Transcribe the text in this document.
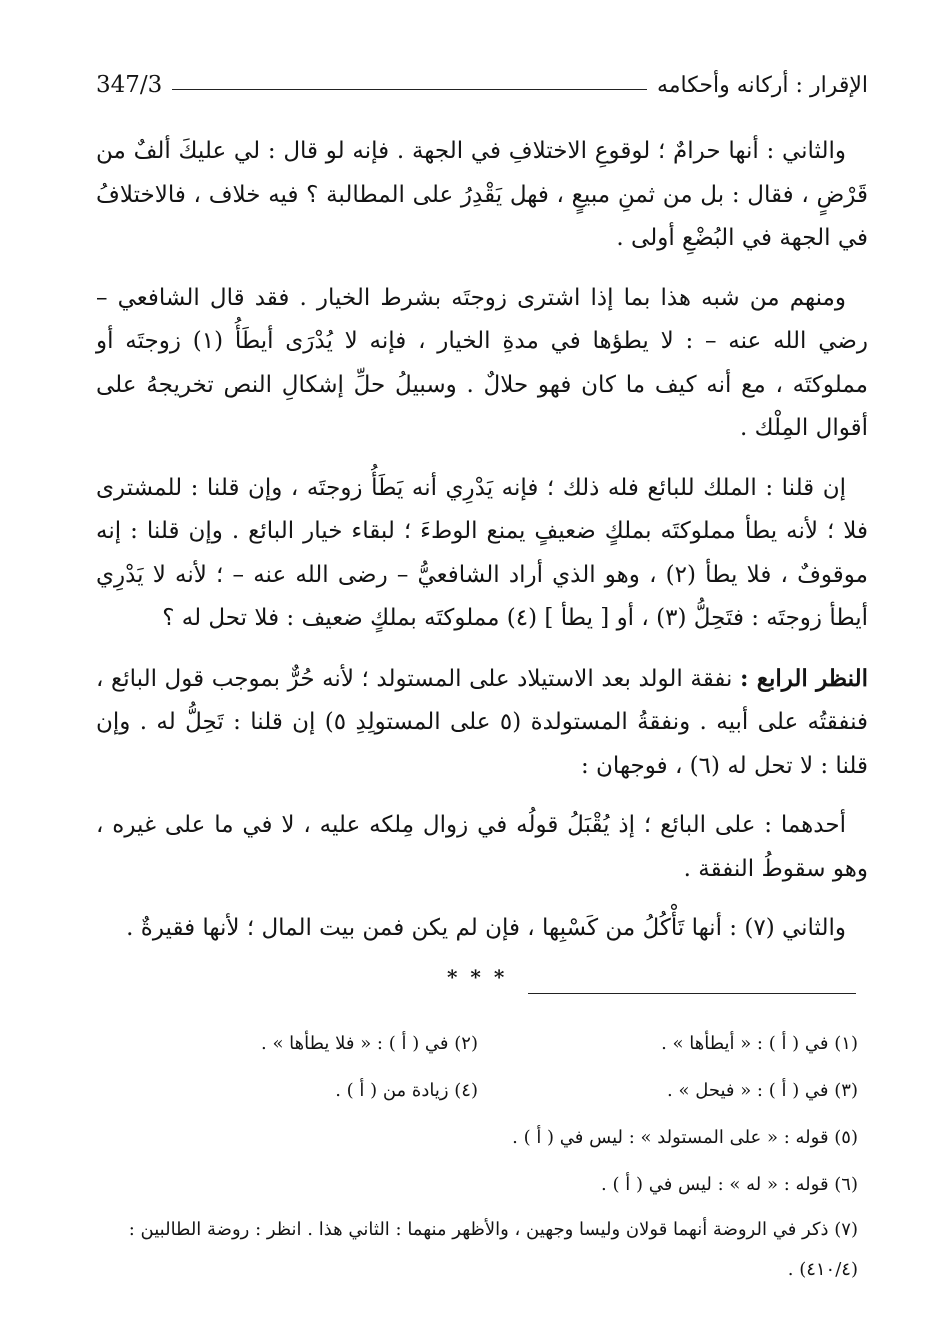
347/3	الإقرار : أركانه وأحكامه

والثاني : أنها حرامٌ ؛ لوقوعِ الاختلافِ في الجهة . فإنه لو قال : لي عليكَ ألفٌ من قَرْضٍ ، فقال : بل من ثمنِ مبيعٍ ، فهل يَقْدِرُ على المطالبة ؟ فيه خلاف ، فالاختلافُ في الجهة في البُضْعِ أولى .

ومنهم من شبه هذا بما إذا اشترى زوجتَه بشرط الخيار . فقد قال الشافعي – رضي الله عنه – : لا يطؤها في مدةِ الخيار ، فإنه لا يُدْرَى أيطَأُ (١) زوجتَه أو مملوكتَه ، مع أنه كيف ما كان فهو حلالٌ . وسبيلُ حلِّ إشكالِ النص تخريجهُ على أقوال المِلْك .

إن قلنا : الملك للبائع فله ذلك ؛ فإنه يَدْرِي أنه يَطَأُ زوجتَه ، وإن قلنا : للمشترى فلا ؛ لأنه يطأ مملوكتَه بملكٍ ضعيفٍ يمنع الوطءَ ؛ لبقاء خيار البائع . وإن قلنا : إنه موقوفٌ ، فلا يطأ (٢) ، وهو الذي أراد الشافعيُّ – رضى الله عنه – ؛ لأنه لا يَدْرِي أيطأ زوجتَه : فتَحِلُّ (٣) ، أو [ يطأ ] (٤) مملوكتَه بملكٍ ضعيف : فلا تحل له ؟

النظر الرابع : نفقة الولد بعد الاستيلاد على المستولد ؛ لأنه حُرٌّ بموجب قول البائع ، فنفقتُه على أبيه . ونفقةُ المستولدة (٥ على المستولِدِ ٥) إن قلنا : تَحِلُّ له . وإن قلنا : لا تحل له (٦) ، فوجهان :

أحدهما : على البائع ؛ إذ يُقْبَلُ قولُه في زوال مِلكه عليه ، لا في ما على غيره ، وهو سقوطُ النفقة .

والثاني (٧) : أنها تَأْكُلُ من كَسْبِها ، فإن لم يكن فمن بيت المال ؛ لأنها فقيرةٌ .

* * *
(١) في ( أ ) : « أيطأها » .
(٢) في ( أ ) : « فلا يطأها » .
(٣) في ( أ ) : « فيحل » .
(٤) زيادة من ( أ ) .
(٥) قوله : « على المستولد » : ليس في ( أ ) .
(٦) قوله : « له » : ليس في ( أ ) .
(٧) ذكر في الروضة أنهما قولان وليسا وجهين ، والأظهر منهما : الثاني هذا . انظر : روضة الطالبين : (٤١٠/٤) .
